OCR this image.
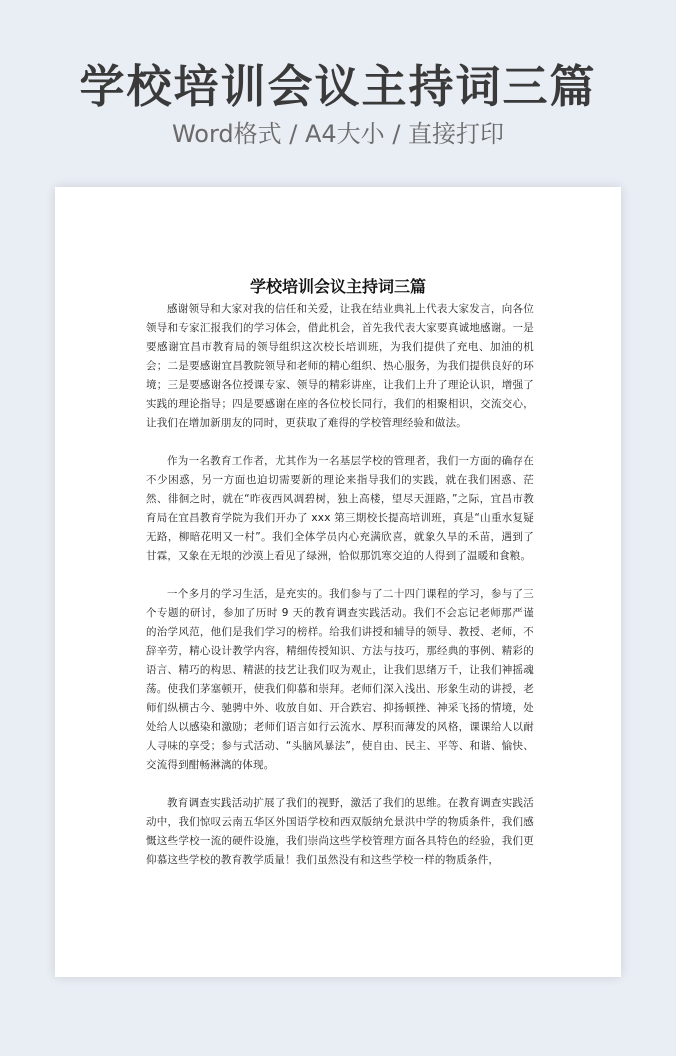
学校培训会议主持词三篇
Word格式 / A4大小 / 直接打印
学校培训会议主持词三篇

感谢领导和大家对我的信任和关爱，让我在结业典礼上代表大家发言，向各位领导和专家汇报我们的学习体会，借此机会，首先我代表大家要真诚地感谢。一是要感谢宜昌市教育局的领导组织这次校长培训班，为我们提供了充电、加油的机会；二是要感谢宜昌教院领导和老师的精心组织、热心服务，为我们提供良好的环境；三是要感谢各位授课专家、领导的精彩讲座，让我们上升了理论认识，增强了实践的理论指导；四是要感谢在座的各位校长同行，我们的相聚相识，交流交心，让我们在增加新朋友的同时，更获取了难得的学校管理经验和做法。

作为一名教育工作者，尤其作为一名基层学校的管理者，我们一方面的确存在不少困惑，另一方面也迫切需要新的理论来指导我们的实践，就在我们困惑、茫然、徘徊之时，就在“昨夜西风凋碧树，独上高楼，望尽天涯路，”之际，宜昌市教育局在宜昌教育学院为我们开办了 xxx 第三期校长提高培训班，真是“山重水复疑无路，柳暗花明又一村”。我们全体学员内心充满欣喜，就象久旱的禾苗，遇到了甘霖，又象在无垠的沙漠上看见了绿洲，恰似那饥寒交迫的人得到了温暖和食粮。

一个多月的学习生活，是充实的。我们参与了二十四门课程的学习，参与了三个专题的研讨，参加了历时 9 天的教育调查实践活动。我们不会忘记老师那严谨的治学风范，他们是我们学习的榜样。给我们讲授和辅导的领导、教授、老师，不辞辛劳，精心设计教学内容，精细传授知识、方法与技巧，那经典的事例、精彩的语言、精巧的构思、精湛的技艺让我们叹为观止，让我们思绪万千，让我们神摇魂荡。使我们茅塞顿开，使我们仰慕和崇拜。老师们深入浅出、形象生动的讲授，老师们纵横古今、驰骋中外、收放自如、开合跌宕、抑扬顿挫、神采飞扬的情境，处处给人以感染和激励；老师们语言如行云流水、厚积而薄发的风格，课课给人以耐人寻味的享受；参与式活动、“头脑风暴法”，使自由、民主、平等、和谐、愉快、交流得到酣畅淋漓的体现。

教育调查实践活动扩展了我们的视野，激活了我们的思维。在教育调查实践活动中，我们惊叹云南五华区外国语学校和西双版纳允景洪中学的物质条件，我们感慨这些学校一流的硬件设施，我们崇尚这些学校管理方面各具特色的经验，我们更仰慕这些学校的教育教学质量！我们虽然没有和这些学校一样的物质条件，
